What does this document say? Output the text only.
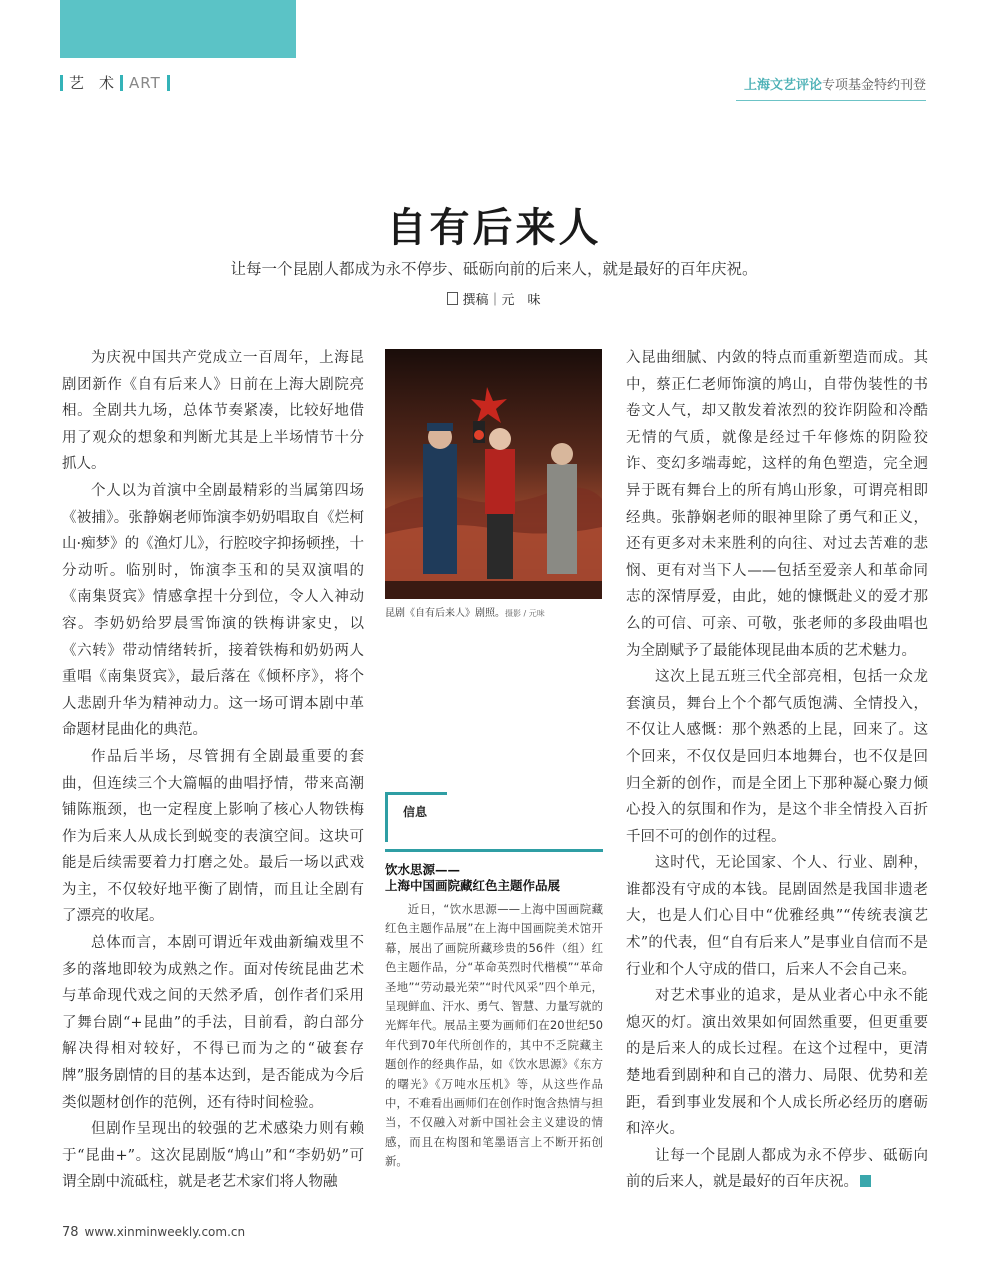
艺　术 ART	上海文艺评论专项基金特约刊登
自有后来人
让每一个昆剧人都成为永不停步、砥砺向前的后来人，就是最好的百年庆祝。
撰稿｜元　味

为庆祝中国共产党成立一百周年，上海昆剧团新作《自有后来人》日前在上海大剧院亮相。全剧共九场，总体节奏紧凑，比较好地借用了观众的想象和判断尤其是上半场情节十分抓人。

个人以为首演中全剧最精彩的当属第四场《被捕》。张静娴老师饰演李奶奶唱取自《烂柯山·痴梦》的《渔灯儿》，行腔咬字抑扬顿挫，十分动听。临别时，饰演李玉和的吴双演唱的《南集贤宾》情感拿捏十分到位，令人入神动容。李奶奶给罗晨雪饰演的铁梅讲家史，以《六转》带动情绪转折，接着铁梅和奶奶两人重唱《南集贤宾》，最后落在《倾杯序》，将个人悲剧升华为精神动力。这一场可谓本剧中革命题材昆曲化的典范。

作品后半场，尽管拥有全剧最重要的套曲，但连续三个大篇幅的曲唱抒情，带来高潮铺陈瓶颈，也一定程度上影响了核心人物铁梅作为后来人从成长到蜕变的表演空间。这块可能是后续需要着力打磨之处。最后一场以武戏为主，不仅较好地平衡了剧情，而且让全剧有了漂亮的收尾。

总体而言，本剧可谓近年戏曲新编戏里不多的落地即较为成熟之作。面对传统昆曲艺术与革命现代戏之间的天然矛盾，创作者们采用了舞台剧“+昆曲”的手法，目前看，韵白部分解决得相对较好，不得已而为之的“破套存牌”服务剧情的目的基本达到，是否能成为今后类似题材创作的范例，还有待时间检验。

但剧作呈现出的较强的艺术感染力则有赖于“昆曲+”。这次昆剧版“鸠山”和“李奶奶”可谓全剧中流砥柱，就是老艺术家们将人物融

昆剧《自有后来人》剧照。摄影 / 元味
信息
饮水思源——
上海中国画院藏红色主题作品展

近日，“饮水思源——上海中国画院藏红色主题作品展”在上海中国画院美术馆开幕，展出了画院所藏珍贵的56件（组）红色主题作品，分“革命英烈时代楷模”“革命圣地”“劳动最光荣”“时代风采”四个单元，呈现鲜血、汗水、勇气、智慧、力量写就的光辉年代。展品主要为画师们在20世纪50年代到70年代所创作的，其中不乏院藏主题创作的经典作品，如《饮水思源》《东方的曙光》《万吨水压机》等，从这些作品中，不难看出画师们在创作时饱含热情与担当，不仅融入对新中国社会主义建设的情感，而且在构图和笔墨语言上不断开拓创新。

入昆曲细腻、内敛的特点而重新塑造而成。其中，蔡正仁老师饰演的鸠山，自带伪装性的书卷文人气，却又散发着浓烈的狡诈阴险和冷酷无情的气质，就像是经过千年修炼的阴险狡诈、变幻多端毒蛇，这样的角色塑造，完全迥异于既有舞台上的所有鸠山形象，可谓亮相即经典。张静娴老师的眼神里除了勇气和正义，还有更多对未来胜利的向往、对过去苦难的悲悯、更有对当下人——包括至爱亲人和革命同志的深情厚爱，由此，她的慷慨赴义的爱才那么的可信、可亲、可敬，张老师的多段曲唱也为全剧赋予了最能体现昆曲本质的艺术魅力。

这次上昆五班三代全部亮相，包括一众龙套演员，舞台上个个都气质饱满、全情投入，不仅让人感慨：那个熟悉的上昆，回来了。这个回来，不仅仅是回归本地舞台，也不仅是回归全新的创作，而是全团上下那种凝心聚力倾心投入的氛围和作为，是这个非全情投入百折千回不可的创作的过程。

这时代，无论国家、个人、行业、剧种，谁都没有守成的本钱。昆剧固然是我国非遗老大，也是人们心目中“优雅经典”“传统表演艺术”的代表，但“自有后来人”是事业自信而不是行业和个人守成的借口，后来人不会自己来。

对艺术事业的追求，是从业者心中永不能熄灭的灯。演出效果如何固然重要，但更重要的是后来人的成长过程。在这个过程中，更清楚地看到剧种和自己的潜力、局限、优势和差距，看到事业发展和个人成长所必经历的磨砺和淬火。

让每一个昆剧人都成为永不停步、砥砺向前的后来人，就是最好的百年庆祝。

78 www.xinminweekly.com.cn
